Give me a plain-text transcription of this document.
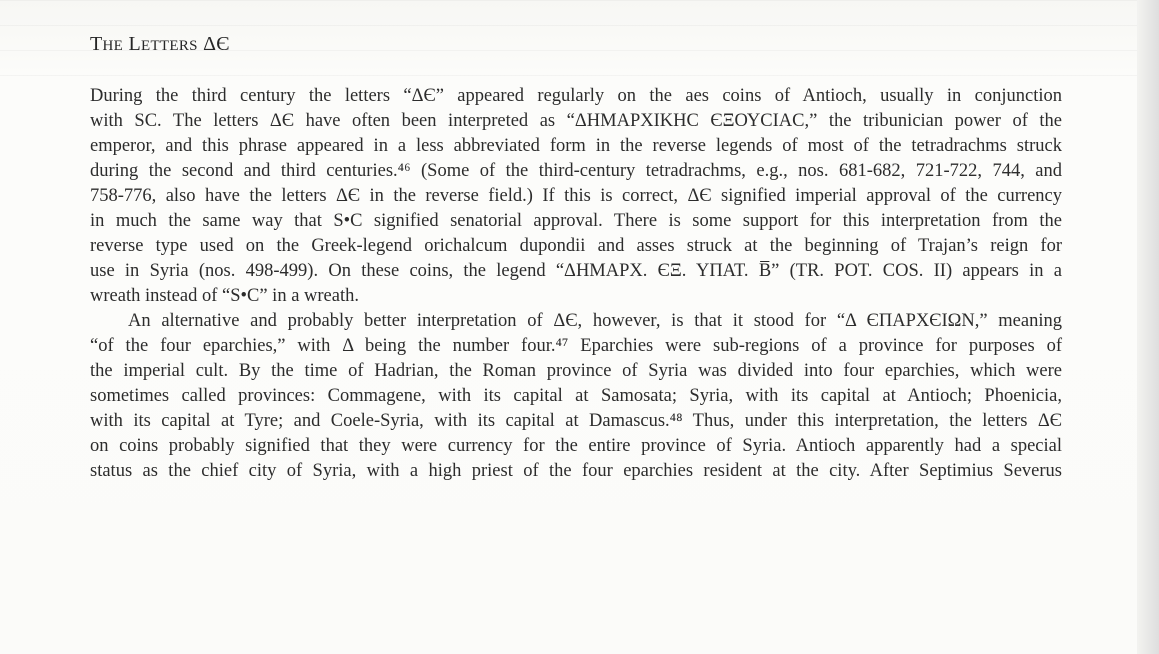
THE LETTERS ΔЄ
During the third century the letters “ΔЄ” appeared regularly on the aes coins of Antioch, usually in conjunction
with SC. The letters ΔЄ have often been interpreted as “ΔΗΜΑΡΧΙΚΗC ЄΞΟΥCΙΑC,” the tribunician power of the
emperor, and this phrase appeared in a less abbreviated form in the reverse legends of most of the tetradrachms struck
during the second and third centuries.⁴⁶ (Some of the third-century tetradrachms, e.g., nos. 681-682, 721-722, 744, and
758-776, also have the letters ΔЄ in the reverse field.) If this is correct, ΔЄ signified imperial approval of the currency
in much the same way that S•C signified senatorial approval. There is some support for this interpretation from the
reverse type used on the Greek-legend orichalcum dupondii and asses struck at the beginning of Trajan’s reign for
use in Syria (nos. 498-499). On these coins, the legend “ΔΗΜΑΡΧ. ЄΞ. ΥΠΑΤ. B̅” (TR. POT. COS. II) appears in a
wreath instead of “S•C” in a wreath.
An alternative and probably better interpretation of ΔЄ, however, is that it stood for “Δ ЄΠΑΡΧЄΙΩΝ,” meaning
“of the four eparchies,” with Δ being the number four.⁴⁷ Eparchies were sub-regions of a province for purposes of
the imperial cult. By the time of Hadrian, the Roman province of Syria was divided into four eparchies, which were
sometimes called provinces: Commagene, with its capital at Samosata; Syria, with its capital at Antioch; Phoenicia,
with its capital at Tyre; and Coele-Syria, with its capital at Damascus.⁴⁸ Thus, under this interpretation, the letters ΔЄ
on coins probably signified that they were currency for the entire province of Syria. Antioch apparently had a special
status as the chief city of Syria, with a high priest of the four eparchies resident at the city. After Septimius Severus
